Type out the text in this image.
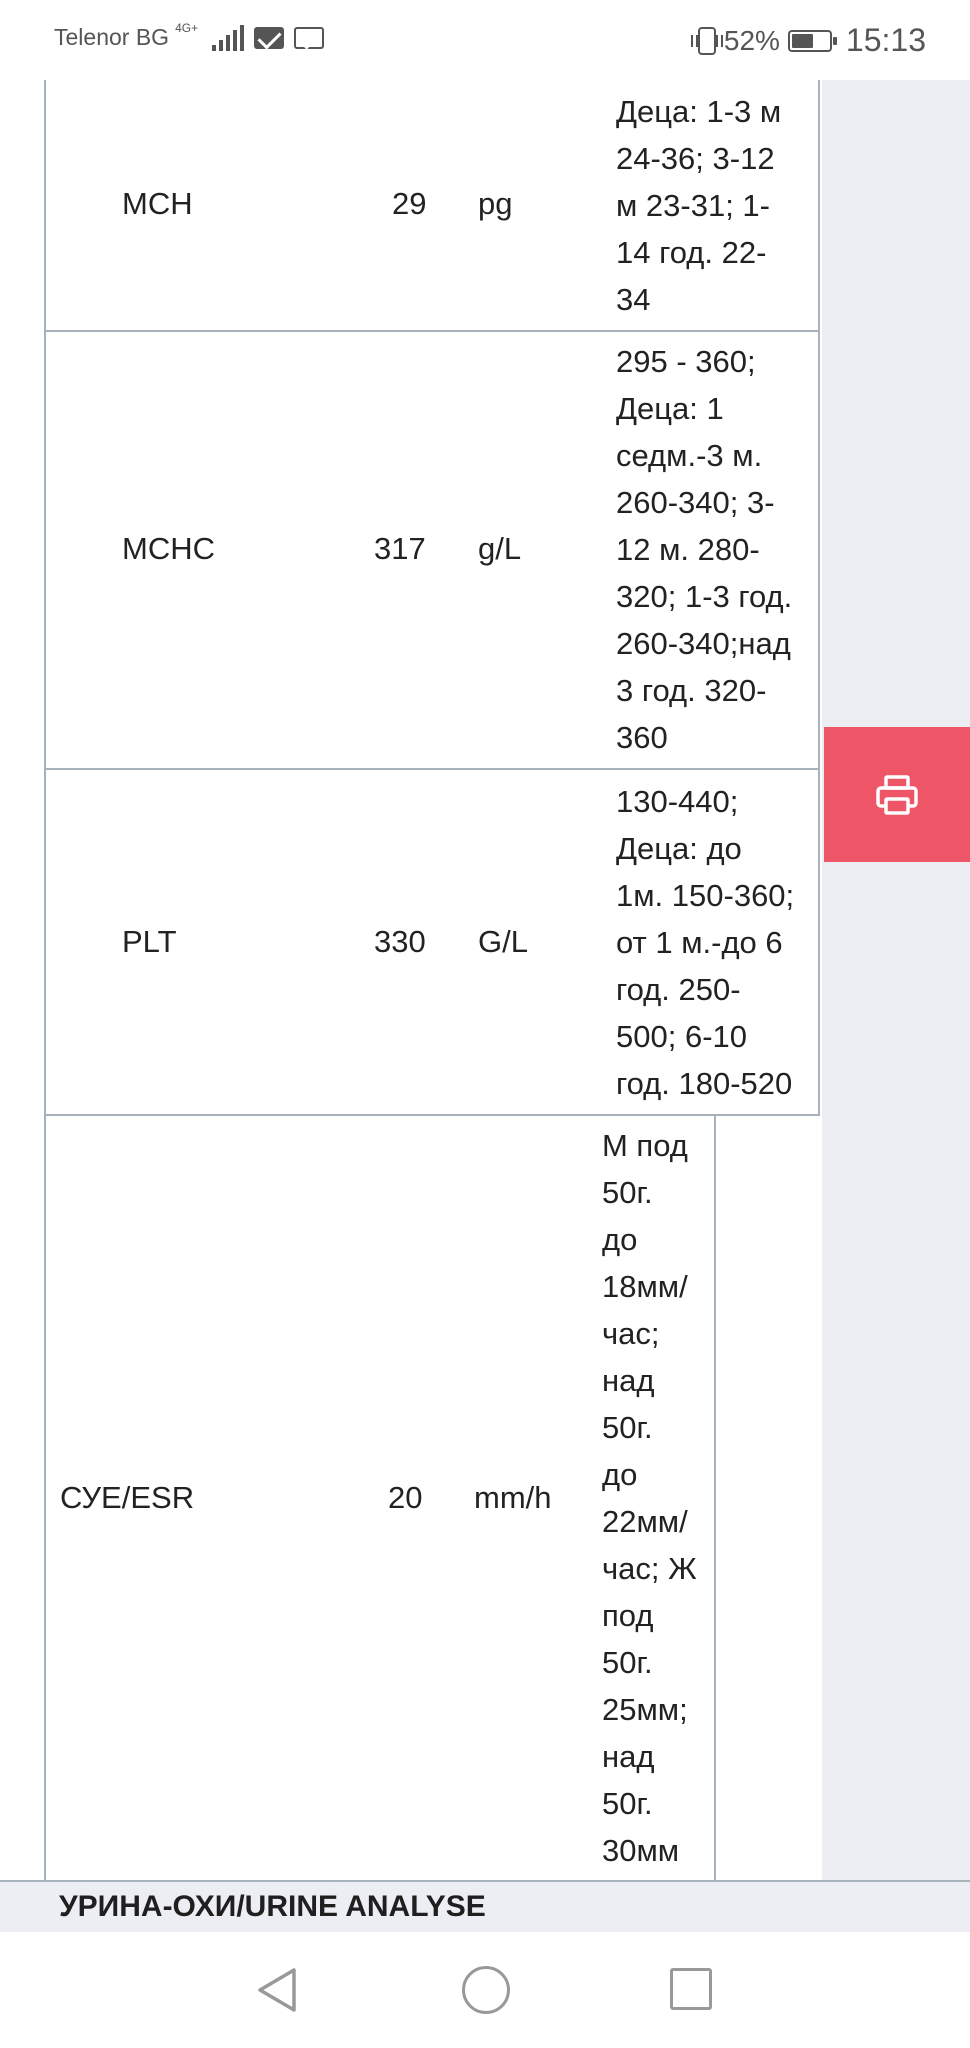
Telenor BG 4G+	52% 15:13
MCH	29 pg
Деца: 1-3 м
24-36; 3-12
м 23-31; 1-
14 год. 22-
34
MCHC	317 g/L
295 - 360;
Деца: 1
седм.-3 м.
260-340; 3-
12 м. 280-
320; 1-3 год.
260-340;над
3 год. 320-
360
PLT	330 G/L
130-440;
Деца: до
1м. 150-360;
от 1 м.-до 6
год. 250-
500; 6-10
год. 180-520
СУЕ/ESR	20 mm/h
М под
50г.
до
18мм/
час;
над
50г.
до
22мм/
час; Ж
под
50г.
25мм;
над
50г.
30мм
УРИНА-ОХИ/URINE ANALYSE
